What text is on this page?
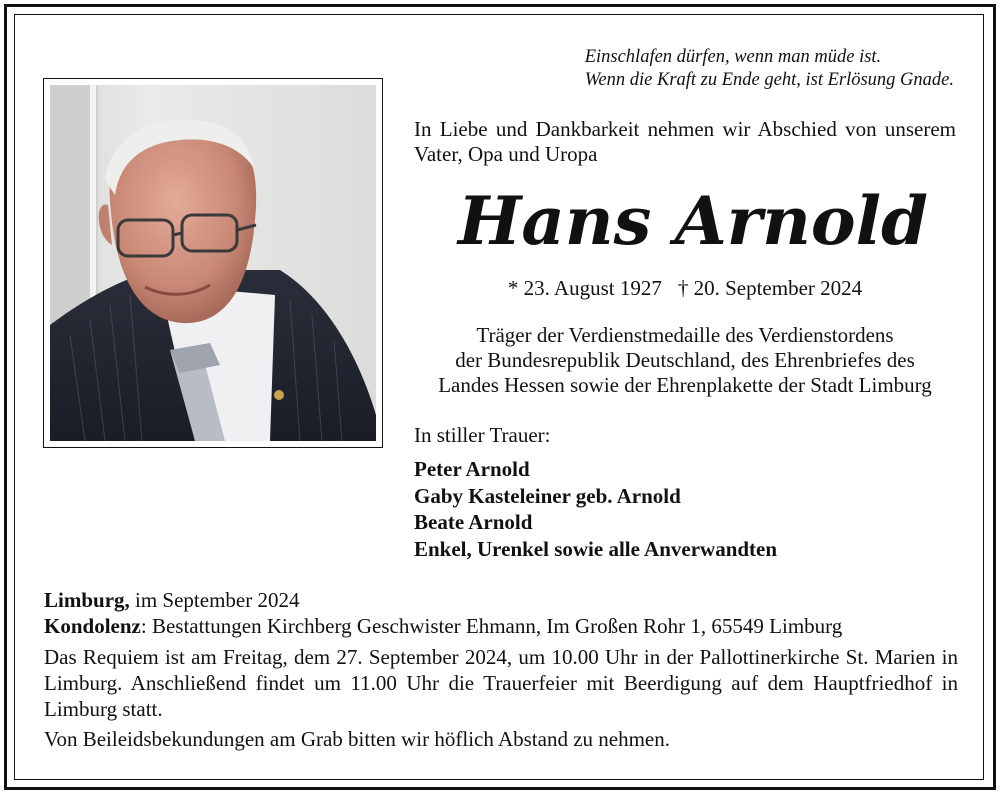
Einschlafen dürfen, wenn man müde ist.
Wenn die Kraft zu Ende geht, ist Erlösung Gnade.
In Liebe und Dankbarkeit nehmen wir Abschied von unserem Vater, Opa und Uropa
Hans Arnold
* 23. August 1927 † 20. September 2024
Träger der Verdienstmedaille des Verdienstordens
der Bundesrepublik Deutschland, des Ehrenbriefes des
Landes Hessen sowie der Ehrenplakette der Stadt Limburg
In stiller Trauer:
Peter Arnold
Gaby Kasteleiner geb. Arnold
Beate Arnold
Enkel, Urenkel sowie alle Anverwandten
Limburg, im September 2024
Kondolenz: Bestattungen Kirchberg Geschwister Ehmann, Im Großen Rohr 1, 65549 Limburg
Das Requiem ist am Freitag, dem 27. September 2024, um 10.00 Uhr in der Pallottinerkirche St. Marien in Limburg. Anschließend findet um 11.00 Uhr die Trauerfeier mit Beerdigung auf dem Hauptfriedhof in Limburg statt.
Von Beileidsbekundungen am Grab bitten wir höflich Abstand zu nehmen.
